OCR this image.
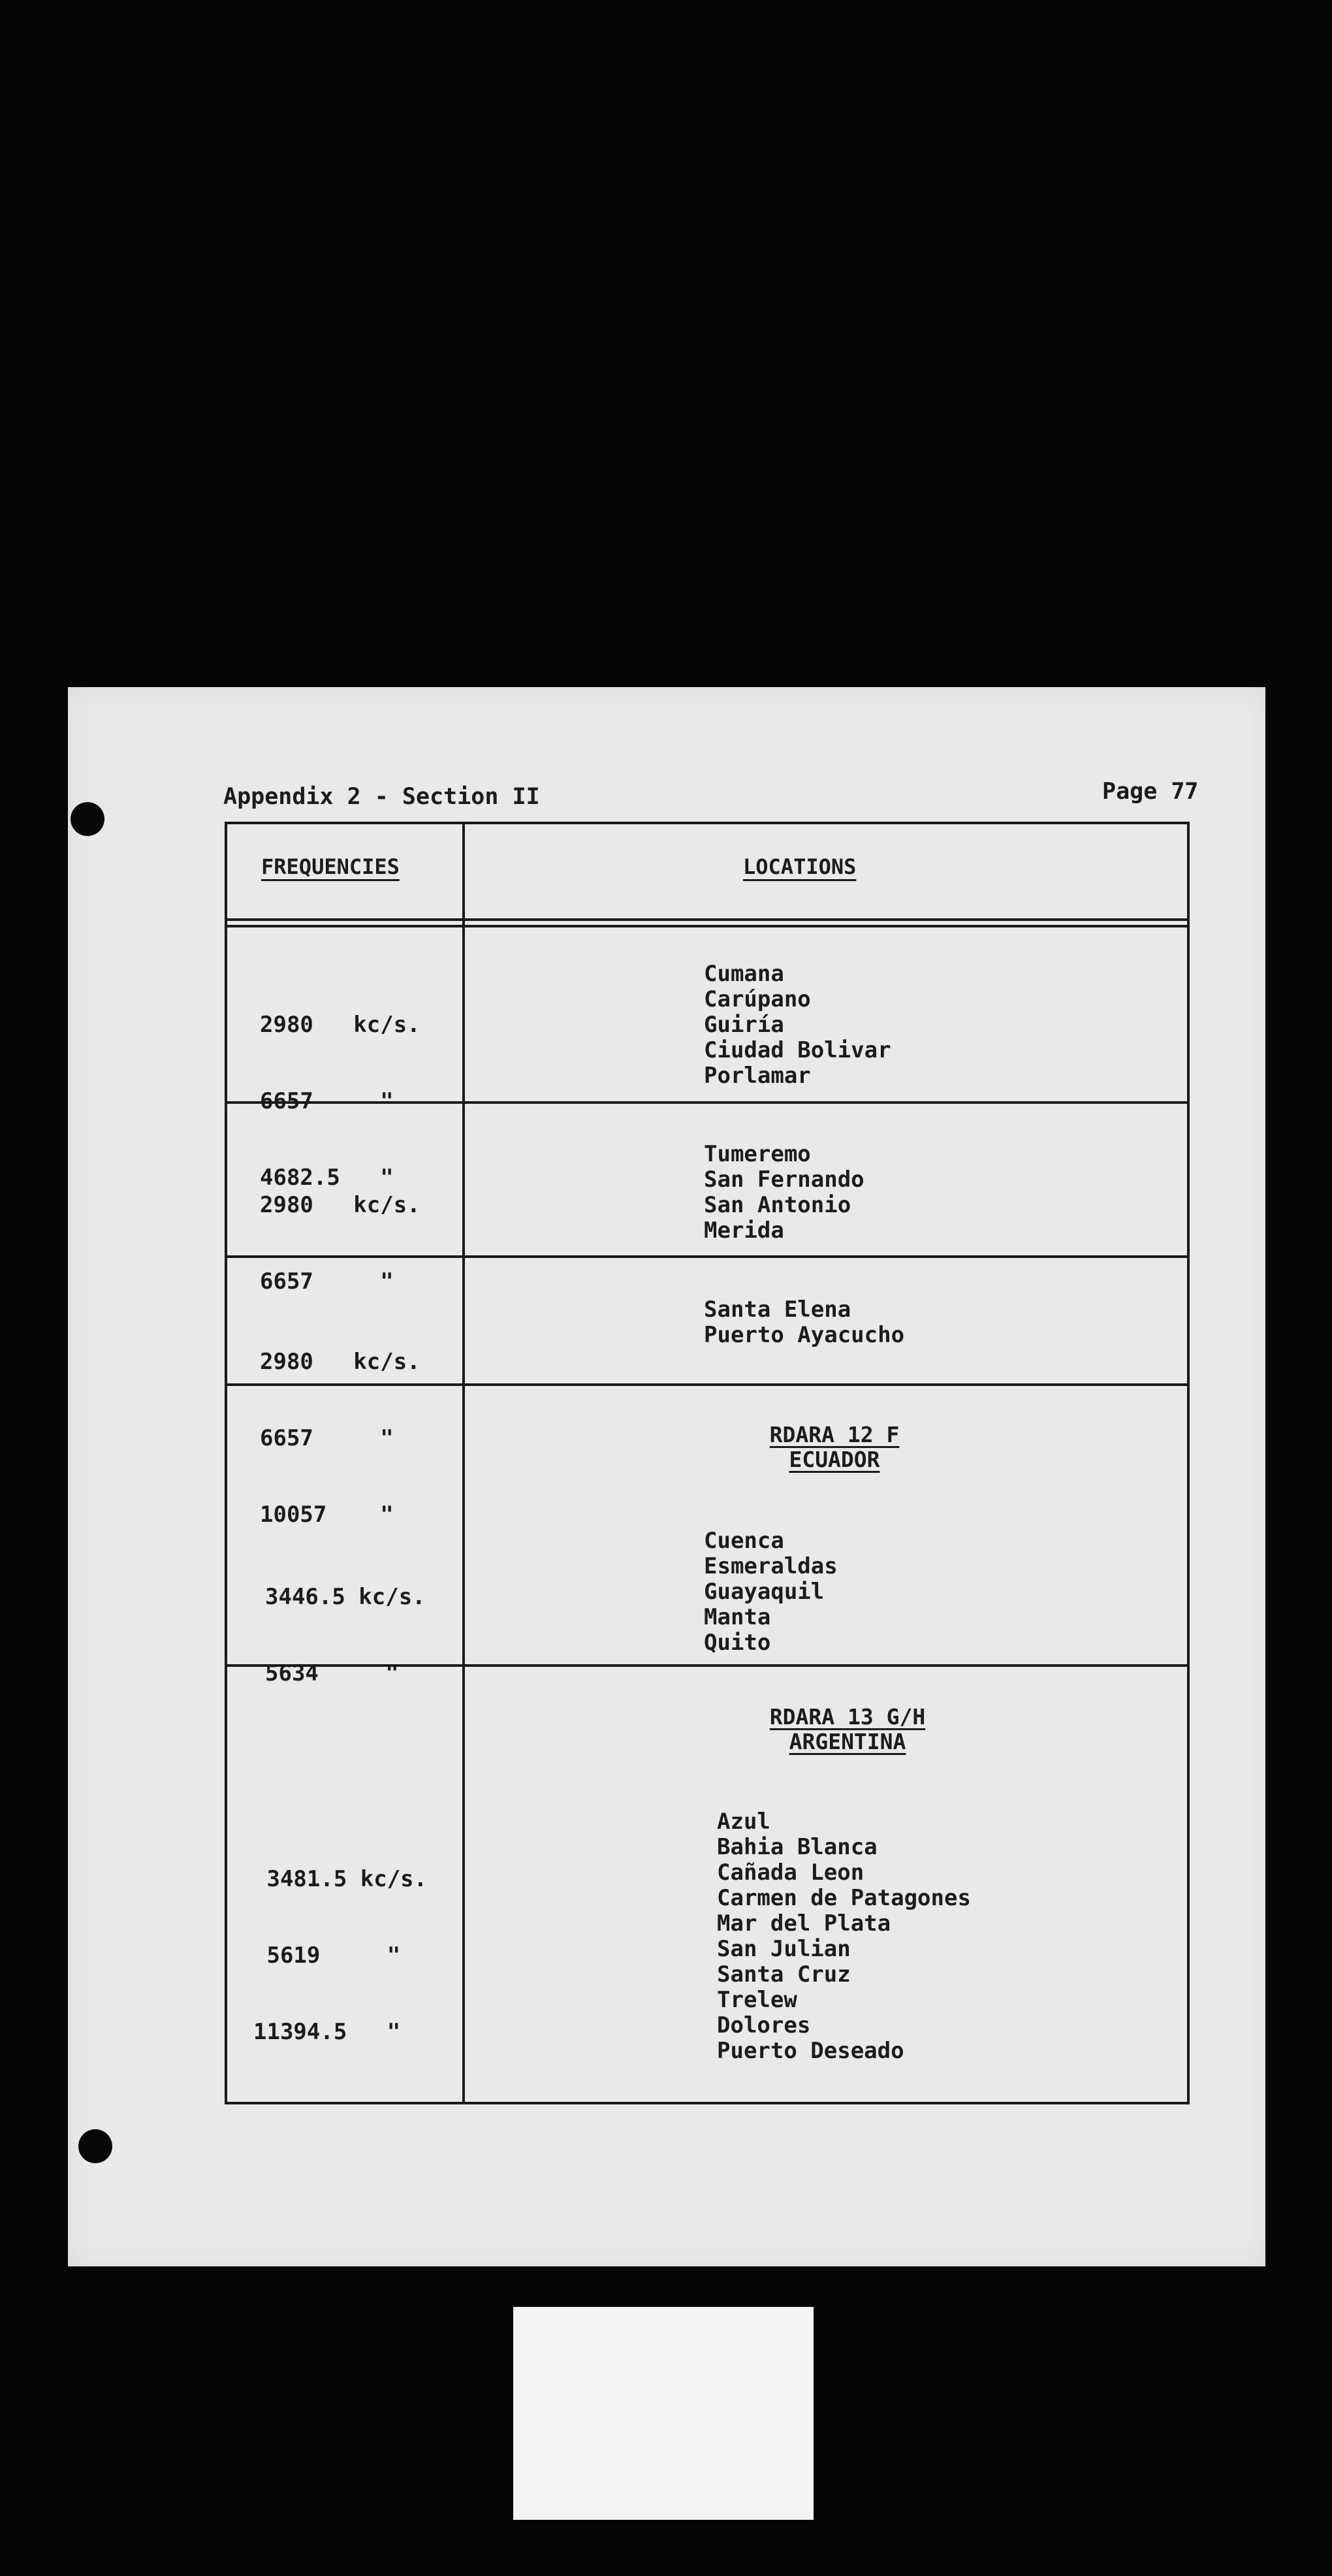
Appendix 2 - Section II	Page 77
FREQUENCIES	LOCATIONS

2980   kc/s.

6657     "

4682.5   "

Cumana
Carúpano
Guiría
Ciudad Bolivar
Porlamar

2980   kc/s.

6657     "

Tumeremo
San Fernando
San Antonio
Merida

2980   kc/s.

6657     "

10057    "

Santa Elena
Puerto Ayacucho
RDARA 12 F
ECUADOR

3446.5 kc/s.

5634     "

Cuenca
Esmeraldas
Guayaquil
Manta
Quito
RDARA 13 G/H
ARGENTINA

3481.5 kc/s.

5619     "

11394.5   "

Azul
Bahia Blanca
Cañada Leon
Carmen de Patagones
Mar del Plata
San Julian
Santa Cruz
Trelew
Dolores
Puerto Deseado
